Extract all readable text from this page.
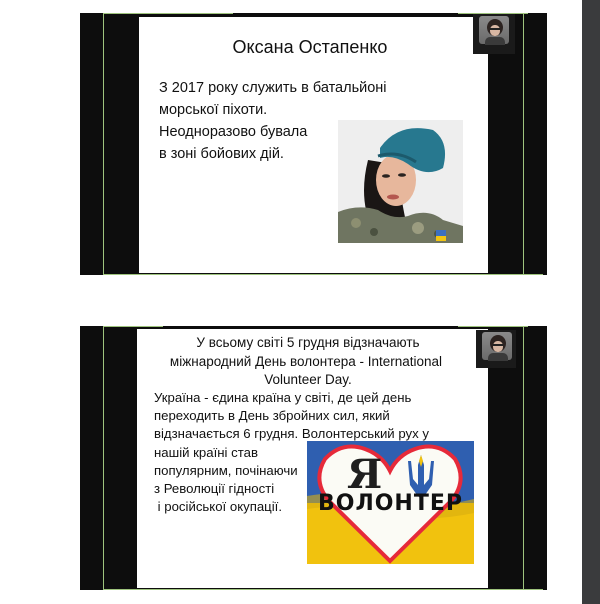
Оксана Остапенко
З 2017 року служить в батальйоні
морської піхоти.
Неодноразово бувала
в зоні бойових дій.
У всьому світі 5 грудня відзначають
міжнародний День волонтера - International
Volunteer Day.
Україна - єдина країна у світі, де цей день
переходить в День збройних сил, який
відзначається 6 грудня. Волонтерський рух у
нашій країні став
популярним, почінаючи
з Революції гідності
і російської окупації.
Я
ВОЛОНТЕР
